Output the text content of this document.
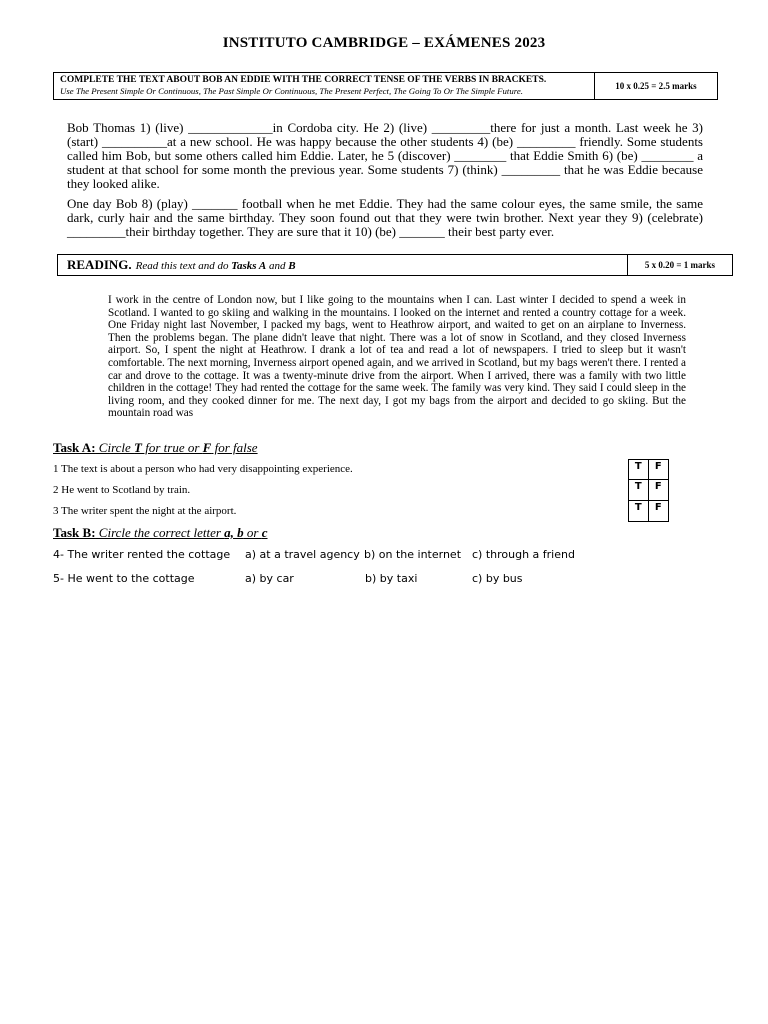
INSTITUTO CAMBRIDGE – EXÁMENES 2023
COMPLETE THE TEXT ABOUT BOB AN EDDIE WITH THE CORRECT TENSE OF THE VERBS IN BRACKETS.
Use The Present Simple Or Continuous, The Past Simple Or Continuous, The Present Perfect, The Going To Or The Simple Future.	10 x 0.25 = 2.5 marks
Bob Thomas 1) (live) _____________in Cordoba city. He 2) (live) _________there for just a month. Last week he 3) (start) __________at a new school. He was happy because the other students 4) (be) _________ friendly. Some students called him Bob, but some others called him Eddie. Later, he 5 (discover) ________ that Eddie Smith 6) (be) ________ a student at that school for some month the previous year. Some students 7) (think) _________ that he was Eddie because they looked alike.
One day Bob 8) (play) _______ football when he met Eddie. They had the same colour eyes, the same smile, the same dark, curly hair and the same birthday. They soon found out that they were twin brother. Next year they 9) (celebrate) _________their birthday together. They are sure that it 10) (be) _______ their best party ever.
READING. Read this text and do Tasks A and B	5 x 0.20 = 1 marks
I work in the centre of London now, but I like going to the mountains when I can. Last winter I decided to spend a week in Scotland. I wanted to go skiing and walking in the mountains. I looked on the internet and rented a country cottage for a week. One Friday night last November, I packed my bags, went to Heathrow airport, and waited to get on an airplane to Inverness. Then the problems began. The plane didn't leave that night. There was a lot of snow in Scotland, and they closed Inverness airport. So, I spent the night at Heathrow. I drank a lot of tea and read a lot of newspapers. I tried to sleep but it wasn't comfortable. The next morning, Inverness airport opened again, and we arrived in Scotland, but my bags weren't there. I rented a car and drove to the cottage. It was a twenty-minute drive from the airport. When I arrived, there was a family with two little children in the cottage! They had rented the cottage for the same week. The family was very kind. They said I could sleep in the living room, and they cooked dinner for me. The next day, I got my bags from the airport and decided to go skiing. But the mountain road was
Task A: Circle T for true or F for false
1 The text is about a person who had very disappointing experience.
2 He went to Scotland by train.
3 The writer spent the night at the airport.
T	F
T	F
T	F
Task B: Circle the correct letter a, b or c
4- The writer rented the cottage a) at a travel agency b) on the internet c) through a friend
5- He went to the cottage	a) by car	b) by taxi	c) by bus
